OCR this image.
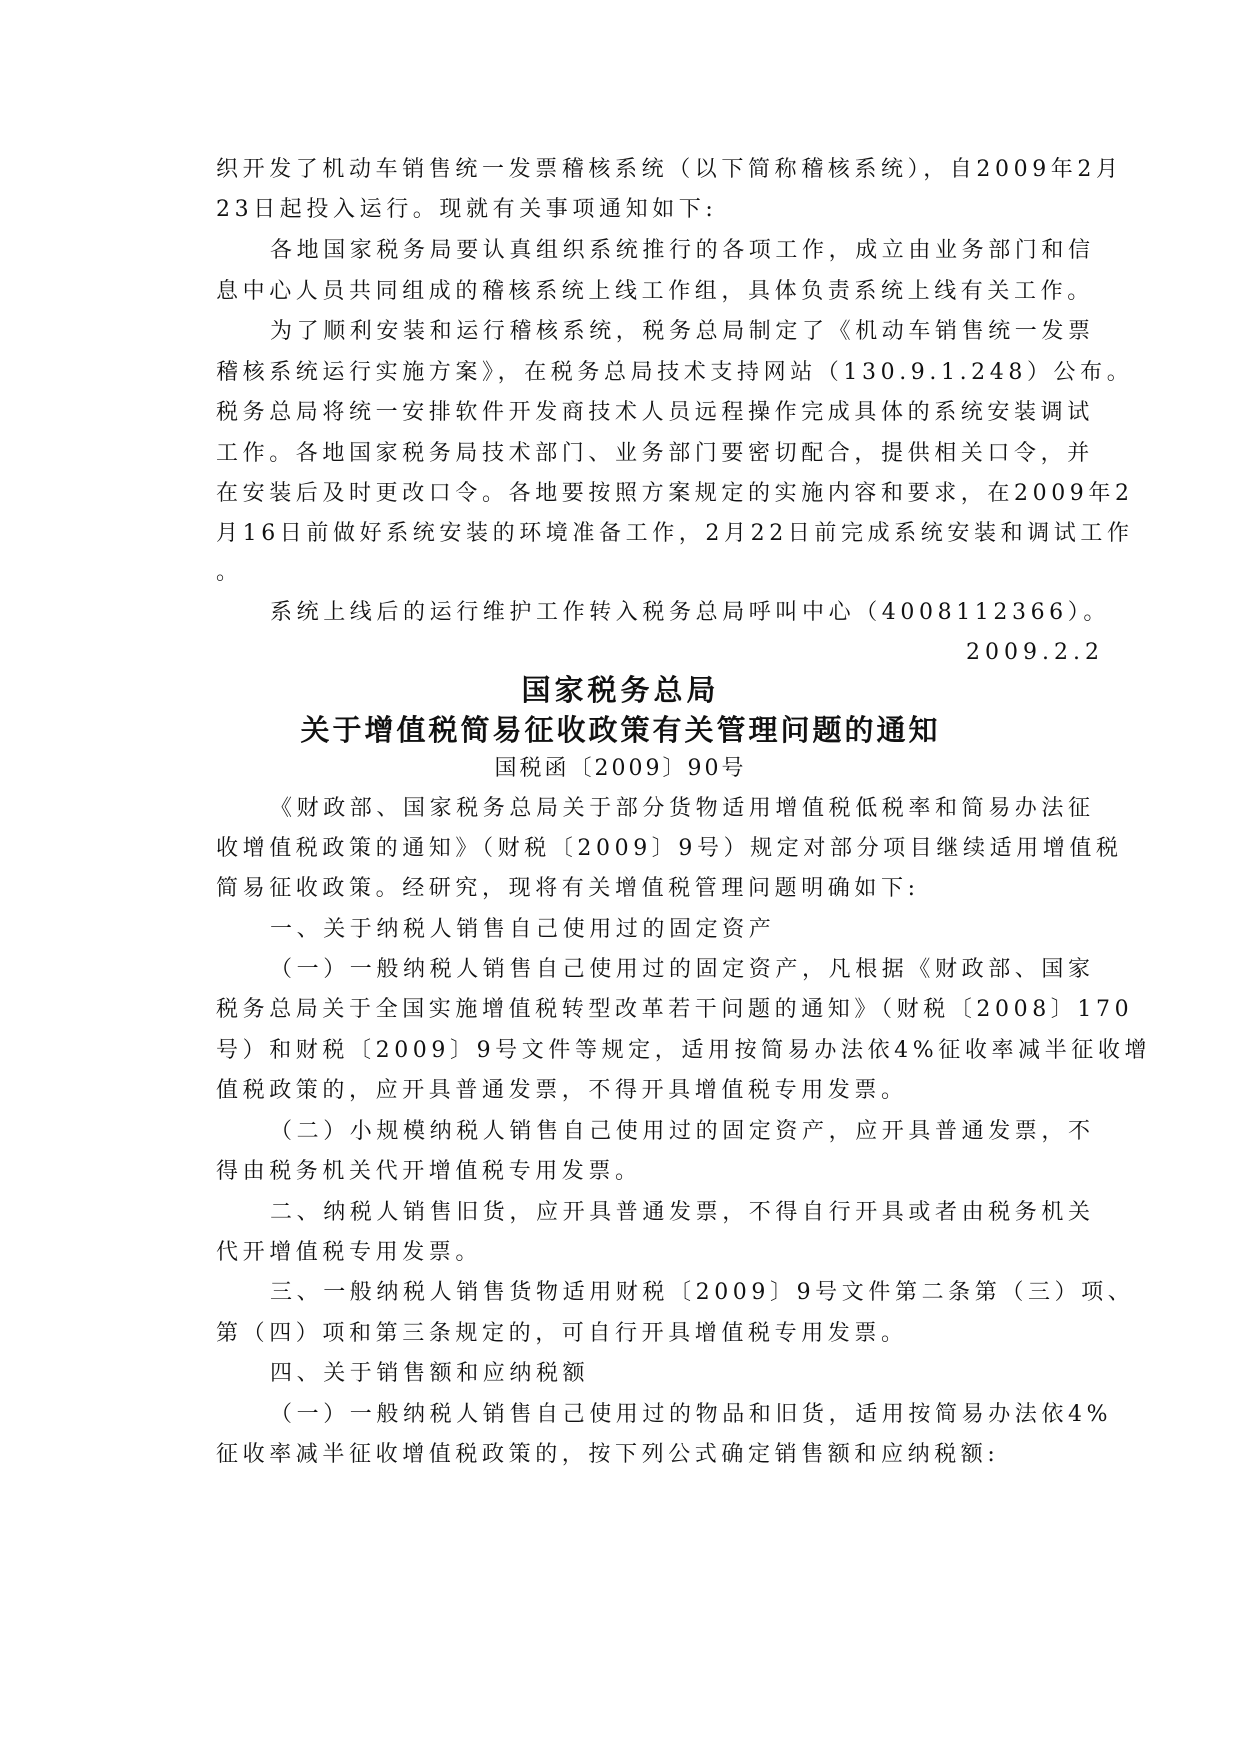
织开发了机动车销售统一发票稽核系统（以下简称稽核系统），自2009年2月
23日起投入运行。现就有关事项通知如下:
各地国家税务局要认真组织系统推行的各项工作，成立由业务部门和信
息中心人员共同组成的稽核系统上线工作组，具体负责系统上线有关工作。
为了顺利安装和运行稽核系统，税务总局制定了《机动车销售统一发票
稽核系统运行实施方案》，在税务总局技术支持网站（130.9.1.248）公布。
税务总局将统一安排软件开发商技术人员远程操作完成具体的系统安装调试
工作。各地国家税务局技术部门、业务部门要密切配合，提供相关口令，并
在安装后及时更改口令。各地要按照方案规定的实施内容和要求，在2009年2
月16日前做好系统安装的环境准备工作，2月22日前完成系统安装和调试工作
。
系统上线后的运行维护工作转入税务总局呼叫中心（4008112366）。
2009.2.2
国家税务总局
关于增值税简易征收政策有关管理问题的通知
国税函〔2009〕90号
《财政部、国家税务总局关于部分货物适用增值税低税率和简易办法征
收增值税政策的通知》（财税〔2009〕9号）规定对部分项目继续适用增值税
简易征收政策。经研究，现将有关增值税管理问题明确如下:
一、关于纳税人销售自己使用过的固定资产
（一）一般纳税人销售自己使用过的固定资产，凡根据《财政部、国家
税务总局关于全国实施增值税转型改革若干问题的通知》（财税〔2008〕170
号）和财税〔2009〕9号文件等规定，适用按简易办法依4%征收率减半征收增
值税政策的，应开具普通发票，不得开具增值税专用发票。
（二）小规模纳税人销售自己使用过的固定资产，应开具普通发票，不
得由税务机关代开增值税专用发票。
二、纳税人销售旧货，应开具普通发票，不得自行开具或者由税务机关
代开增值税专用发票。
三、一般纳税人销售货物适用财税〔2009〕9号文件第二条第（三）项、
第（四）项和第三条规定的，可自行开具增值税专用发票。
四、关于销售额和应纳税额
（一）一般纳税人销售自己使用过的物品和旧货，适用按简易办法依4%
征收率减半征收增值税政策的，按下列公式确定销售额和应纳税额:
